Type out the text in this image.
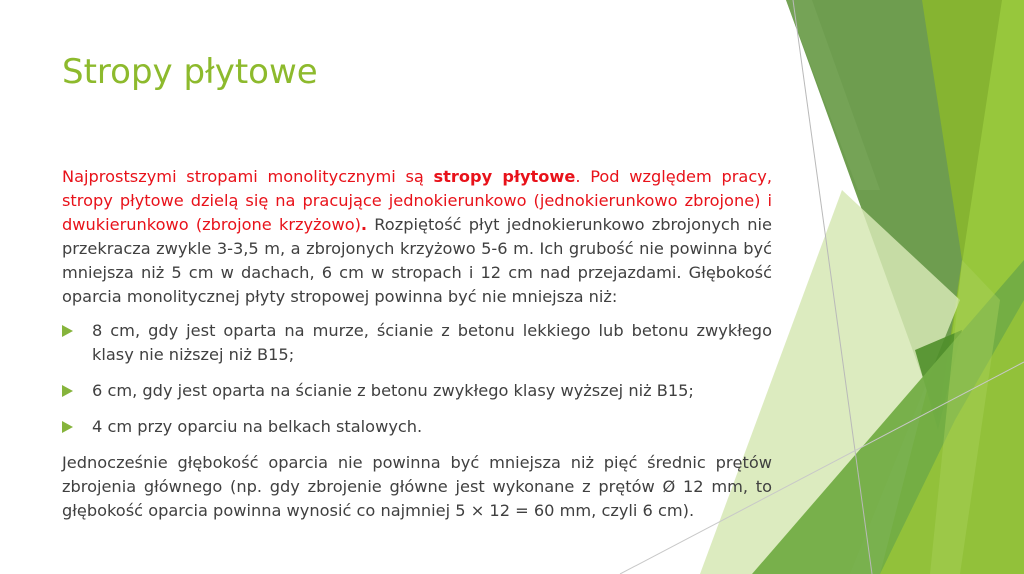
Stropy płytowe

Najprostszymi stropami monolitycznymi są stropy płytowe. Pod względem pracy, stropy płytowe dzielą się na pracujące jednokierunkowo (jednokierunkowo zbrojone) i dwukierunkowo (zbrojone krzyżowo). Rozpiętość płyt jednokierunkowo zbrojonych nie przekracza zwykle 3-3,5 m, a zbrojonych krzyżowo 5-6 m. Ich grubość nie powinna być mniejsza niż 5 cm w dachach, 6 cm w stropach i 12 cm nad przejazdami. Głębokość oparcia monolitycznej płyty stropowej powinna być nie mniejsza niż:

8 cm, gdy jest oparta na murze, ścianie z betonu lekkiego lub betonu zwykłego klasy nie niższej niż B15;
6 cm, gdy jest oparta na ścianie z betonu zwykłego klasy wyższej niż B15;
4 cm przy oparciu na belkach stalowych.

Jednocześnie głębokość oparcia nie powinna być mniejsza niż pięć średnic prętów zbrojenia głównego (np. gdy zbrojenie główne jest wykonane z prętów Ø 12 mm, to głębokość oparcia powinna wynosić co najmniej 5 × 12 = 60 mm, czyli 6 cm).
